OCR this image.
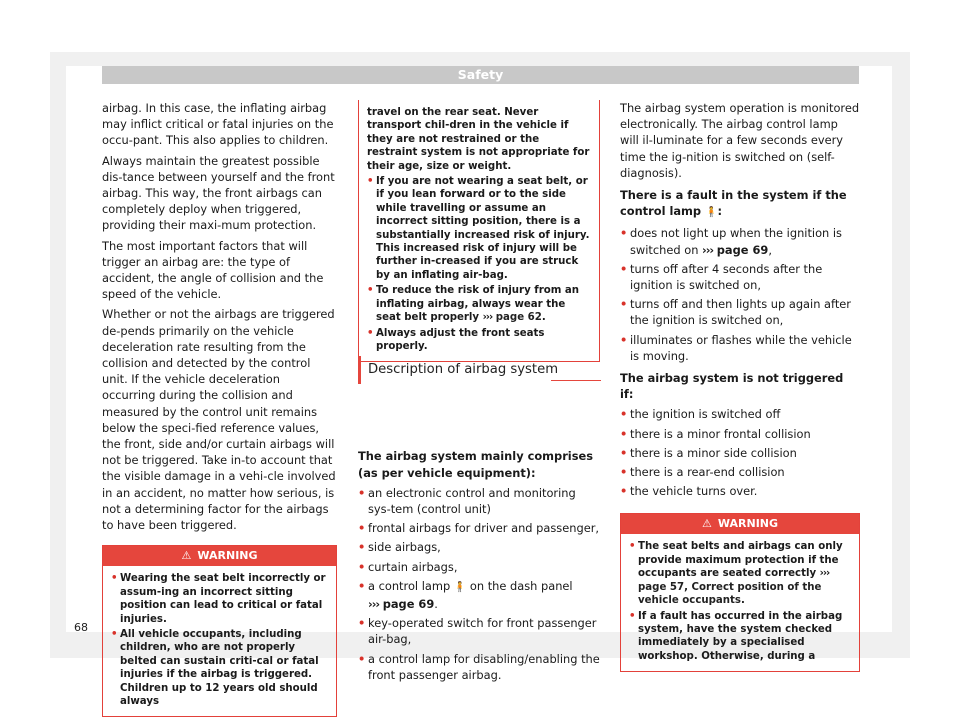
Safety

airbag. In this case, the inflating airbag may inflict critical or fatal injuries on the occu-pant. This also applies to children.

Always maintain the greatest possible dis-tance between yourself and the front airbag. This way, the front airbags can completely deploy when triggered, providing their maxi-mum protection.

The most important factors that will trigger an airbag are: the type of accident, the angle of collision and the speed of the vehicle.

Whether or not the airbags are triggered de-pends primarily on the vehicle deceleration rate resulting from the collision and detected by the control unit. If the vehicle deceleration occurring during the collision and measured by the control unit remains below the speci-fied reference values, the front, side and/or curtain airbags will not be triggered. Take in-to account that the visible damage in a vehi-cle involved in an accident, no matter how serious, is not a determining factor for the airbags to have been triggered.

⚠ WARNING
• Wearing the seat belt incorrectly or assum-ing an incorrect sitting position can lead to critical or fatal injuries.
• All vehicle occupants, including children, who are not properly belted can sustain criti-cal or fatal injuries if the airbag is triggered. Children up to 12 years old should always

travel on the rear seat. Never transport chil-dren in the vehicle if they are not restrained or the restraint system is not appropriate for their age, size or weight.

• If you are not wearing a seat belt, or if you lean forward or to the side while travelling or assume an incorrect sitting position, there is a substantially increased risk of injury. This increased risk of injury will be further in-creased if you are struck by an inflating air-bag.
• To reduce the risk of injury from an inflating airbag, always wear the seat belt properly ››› page 62.
• Always adjust the front seats properly.

The airbag system mainly comprises (as per vehicle equipment):

• an electronic control and monitoring sys-tem (control unit)
• frontal airbags for driver and passenger,
• side airbags,
• curtain airbags,
• a control lamp 🧍 on the dash panel
››› page 69.
• key-operated switch for front passenger air-bag,
• a control lamp for disabling/enabling the front passenger airbag.
Description of airbag system

The airbag system operation is monitored electronically. The airbag control lamp will il-luminate for a few seconds every time the ig-nition is switched on (self-diagnosis).

There is a fault in the system if the control lamp 🧍:

• does not light up when the ignition is switched on ››› page 69,
• turns off after 4 seconds after the ignition is switched on,
• turns off and then lights up again after the ignition is switched on,
• illuminates or flashes while the vehicle is moving.

The airbag system is not triggered if:

• the ignition is switched off
• there is a minor frontal collision
• there is a minor side collision
• there is a rear-end collision
• the vehicle turns over.
⚠ WARNING
• The seat belts and airbags can only provide maximum protection if the occupants are seated correctly ››› page 57, Correct position of the vehicle occupants.
• If a fault has occurred in the airbag system, have the system checked immediately by a specialised workshop. Otherwise, during a
68
